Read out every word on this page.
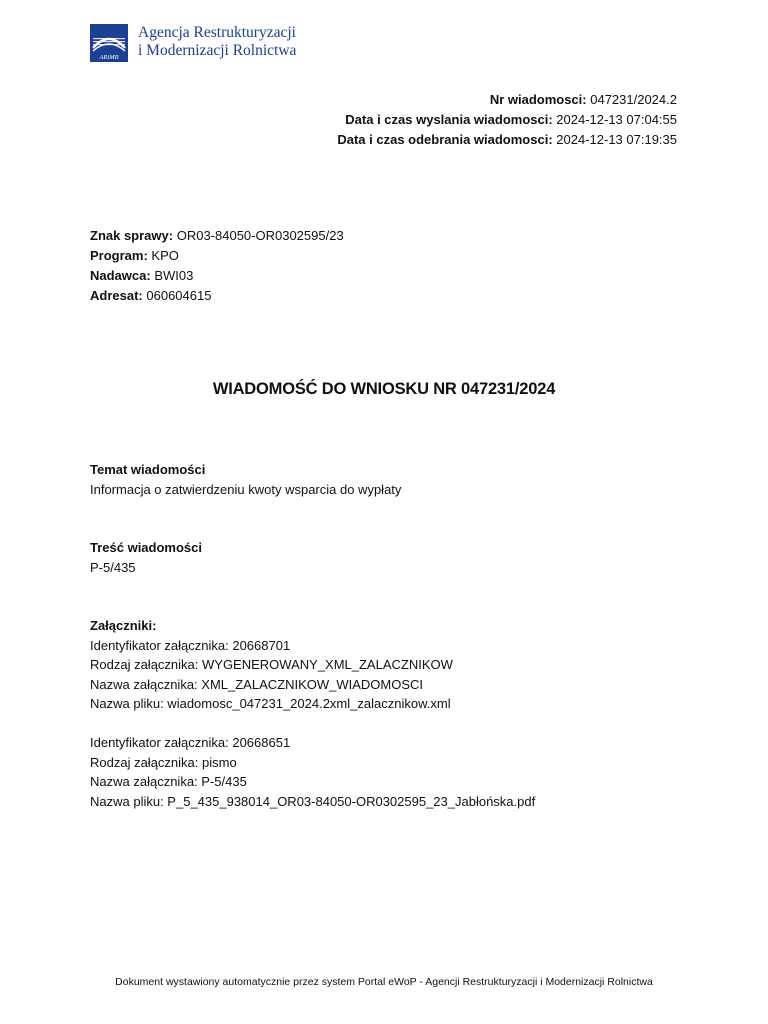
ARiMR
Agencja Restrukturyzacji
i Modernizacji Rolnictwa
Nr wiadomosci: 047231/2024.2
Data i czas wyslania wiadomosci: 2024-12-13 07:04:55
Data i czas odebrania wiadomosci: 2024-12-13 07:19:35
Znak sprawy: OR03-84050-OR0302595/23
Program: KPO
Nadawca: BWI03
Adresat: 060604615
WIADOMOŚĆ DO WNIOSKU NR 047231/2024
Temat wiadomości
Informacja o zatwierdzeniu kwoty wsparcia do wypłaty
Treść wiadomości
P-5/435
Załączniki:
Identyfikator załącznika: 20668701
Rodzaj załącznika: WYGENEROWANY_XML_ZALACZNIKOW
Nazwa załącznika: XML_ZALACZNIKOW_WIADOMOSCI
Nazwa pliku: wiadomosc_047231_2024.2xml_zalacznikow.xml
Identyfikator załącznika: 20668651
Rodzaj załącznika: pismo
Nazwa załącznika: P-5/435
Nazwa pliku: P_5_435_938014_OR03-84050-OR0302595_23_Jabłońska.pdf
Dokument wystawiony automatycznie przez system Portal eWoP - Agencji Restrukturyzacji i Modernizacji Rolnictwa
